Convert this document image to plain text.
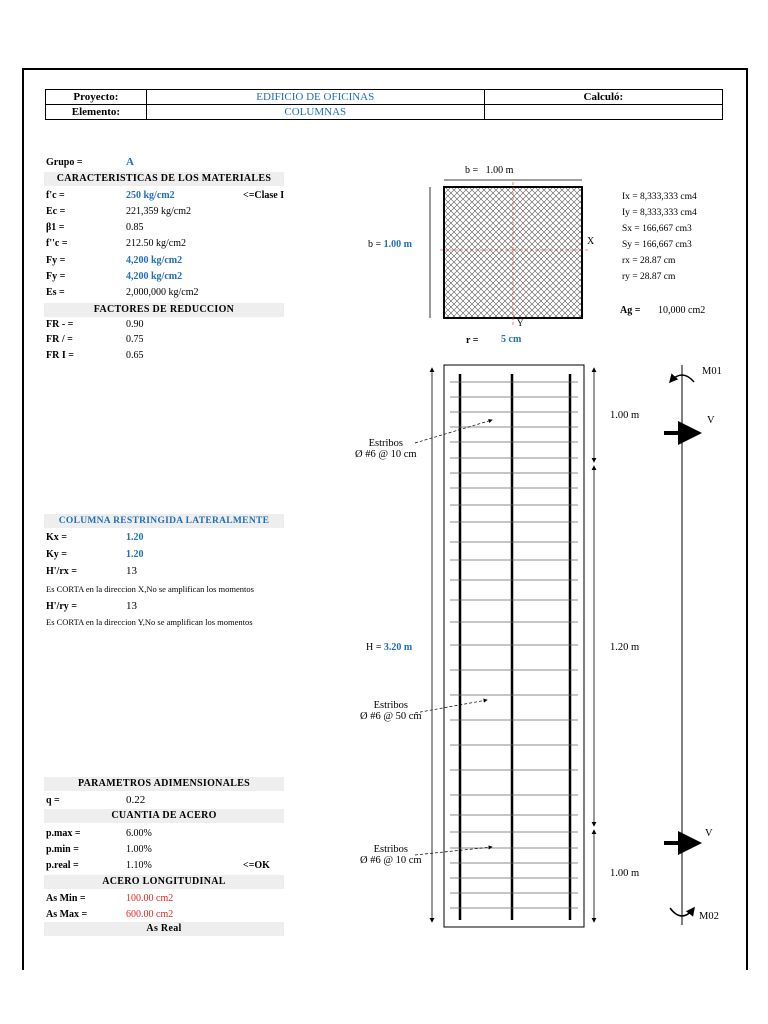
Proyecto:	EDIFICIO DE OFICINAS	Calculó:
Elemento:	COLUMNAS	
Grupo =	A
CARACTERISTICAS DE LOS MATERIALES
f'c =	250 kg/cm2	<=Clase I
Ec =	221,359 kg/cm2
β1 =	0.85
f''c =	212.50 kg/cm2
Fy =	4,200 kg/cm2
Fy =	4,200 kg/cm2
Es =	2,000,000 kg/cm2
FACTORES DE REDUCCION
FR - =	0.90
FR / =	0.75
FR I =	0.65
COLUMNA RESTRINGIDA LATERALMENTE
Kx =	1.20
Ky =	1.20
H'/rx =	13
Es CORTA en la direccion X,No se amplifican los momentos
H'/ry =	13
Es CORTA en la direccion Y,No se amplifican los momentos
PARAMETROS ADIMENSIONALES
q =	0.22
CUANTIA DE ACERO
p.max =	6.00%
p.min =	1.00%
p.real =	1.10%	<=OK
ACERO LONGITUDINAL
As Min =	100.00 cm2
As Max =	600.00 cm2
As Real
b = 1.00 m
b = 1.00 m	X
Y
r = 5 cm
Ix = 8,333,333 cm4
Iy = 8,333,333 cm4
Sx = 166,667 cm3
Sy = 166,667 cm3
rx = 28.87 cm
ry = 28.87 cm
Ag = 10,000 cm2
Estribos
Ø #6 @ 10 cm
Estribos
Ø #6 @ 50 cm
Estribos
Ø #6 @ 10 cm
H = 3.20 m
1.00 m
1.20 m
1.00 m
M01
V
V
M02
